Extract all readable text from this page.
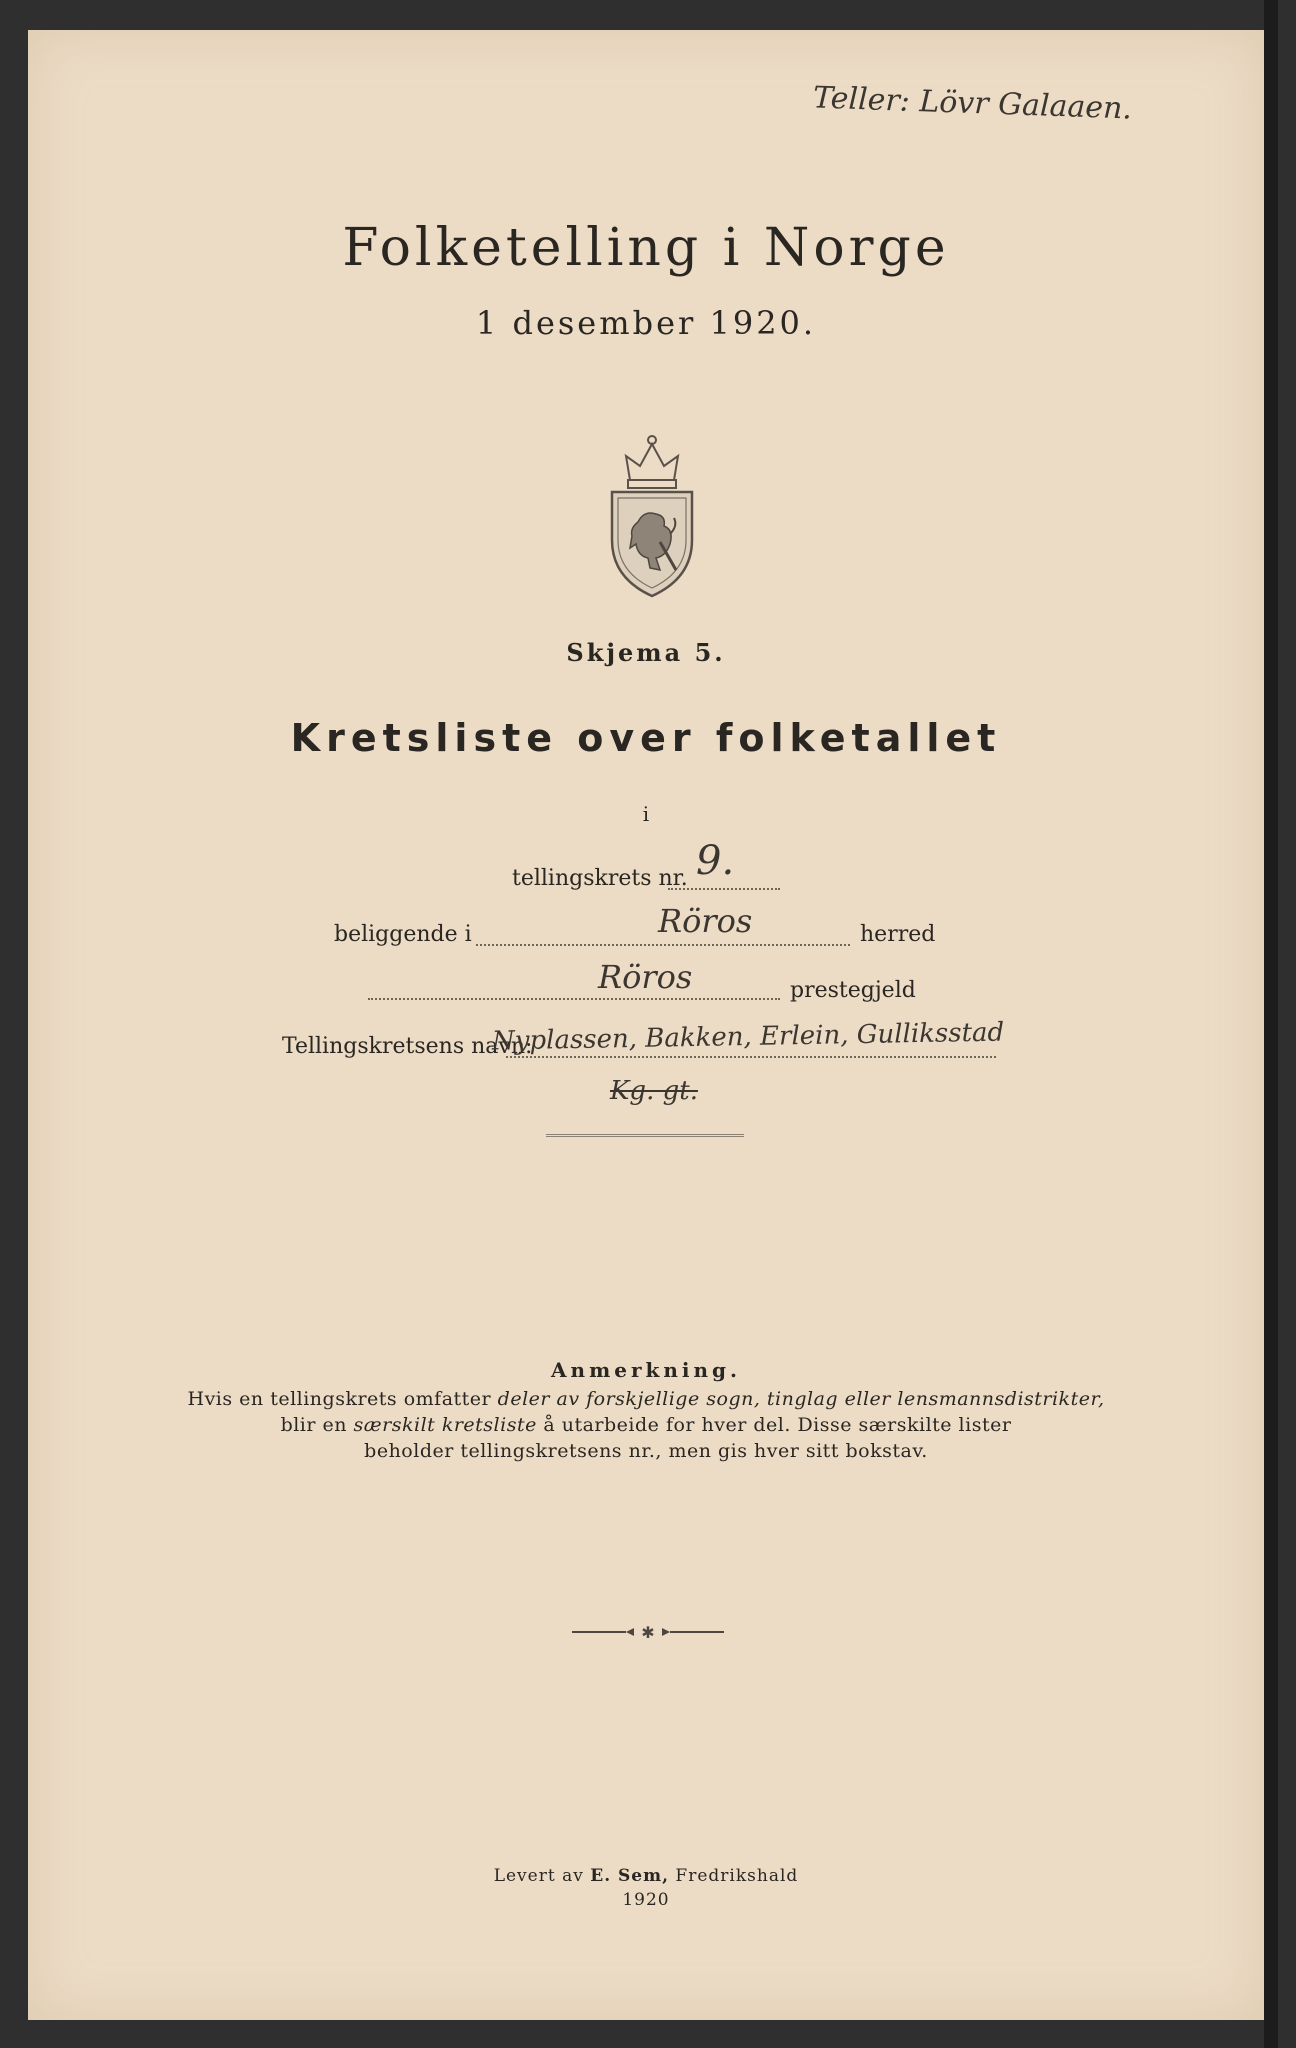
Teller: Lövr Galaaen.
Folketelling i Norge
1 desember 1920.
Skjema 5.
Kretsliste over folketallet
i
tellingskrets nr. 9.
beliggende i	Röros	herred
Röros	prestegjeld
Tellingskretsens navn:
Nyplassen, Bakken, Erlein, Gulliksstad
Kg. gt.
Anmerkning.
Hvis en tellingskrets omfatter deler av forskjellige sogn, tinglag eller lensmannsdistrikter,
blir en særskilt kretsliste å utarbeide for hver del. Disse særskilte lister
beholder tellingskretsens nr., men gis hver sitt bokstav.
✱
Levert av E. Sem, Fredrikshald
1920
